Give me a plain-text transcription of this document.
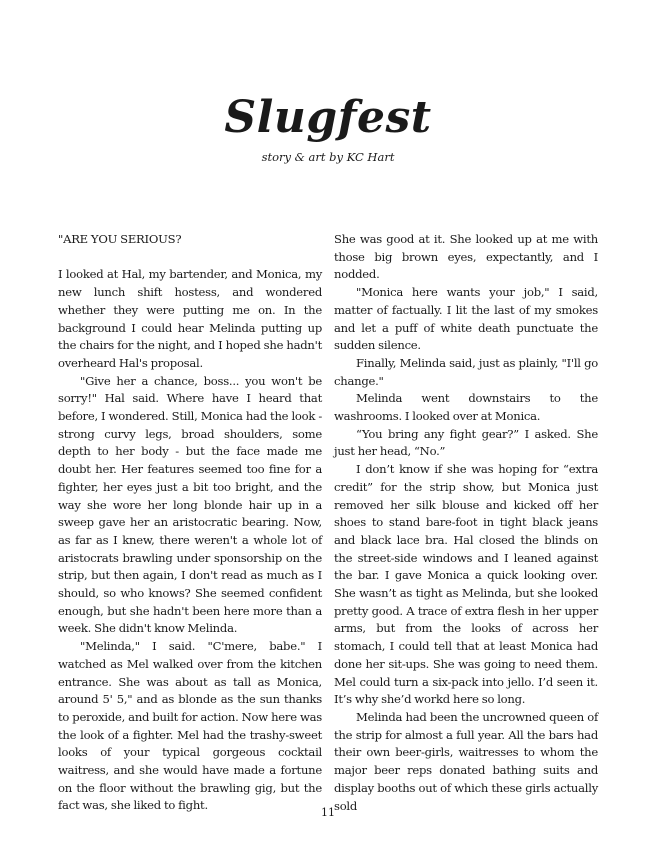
Slugfest

story & art by KC Hart

"ARE YOU SERIOUS?

I looked at Hal, my bartender, and Monica, my new lunch shift hostess, and wondered whether they were putting me on. In the background I could hear Melinda putting up the chairs for the night, and I hoped she hadn't overheard Hal's proposal.

"Give her a chance, boss... you won't be sorry!" Hal said. Where have I heard that before, I wondered. Still, Monica had the look - strong curvy legs, broad shoulders, some depth to her body - but the face made me doubt her. Her features seemed too fine for a fighter, her eyes just a bit too bright, and the way she wore her long blonde hair up in a sweep gave her an aristocratic bearing. Now, as far as I knew, there weren't a whole lot of aristocrats brawling under sponsorship on the strip, but then again, I don't read as much as I should, so who knows? She seemed confident enough, but she hadn't been here more than a week. She didn't know Melinda.

"Melinda," I said. "C'mere, babe." I watched as Mel walked over from the kitchen entrance. She was about as tall as Monica, around 5' 5," and as blonde as the sun thanks to peroxide, and built for action. Now here was the look of a fighter. Mel had the trashy-sweet looks of your typical gorgeous cocktail waitress, and she would have made a fortune on the floor without the brawling gig, but the fact was, she liked to fight.

She was good at it. She looked up at me with those big brown eyes, expectantly, and I nodded.

"Monica here wants your job," I said, matter of factually. I lit the last of my smokes and let a puff of white death punctuate the sudden silence.

Finally, Melinda said, just as plainly, "I'll go change."

Melinda went downstairs to the washrooms. I looked over at Monica.

“You bring any fight gear?” I asked. She just her head, “No.”

I don’t know if she was hoping for “extra credit” for the strip show, but Monica just removed her silk blouse and kicked off her shoes to stand bare-foot in tight black jeans and black lace bra. Hal closed the blinds on the street-side windows and I leaned against the bar. I gave Monica a quick looking over. She wasn’t as tight as Melinda, but she looked pretty good. A trace of extra flesh in her upper arms, but from the looks of across her stomach, I could tell that at least Monica had done her sit-ups. She was going to need them. Mel could turn a six-pack into jello. I’d seen it. It’s why she’d workd here so long.

Melinda had been the uncrowned queen of the strip for almost a full year. All the bars had their own beer-girls, waitresses to whom the major beer reps donated bathing suits and display booths out of which these girls actually sold

11
